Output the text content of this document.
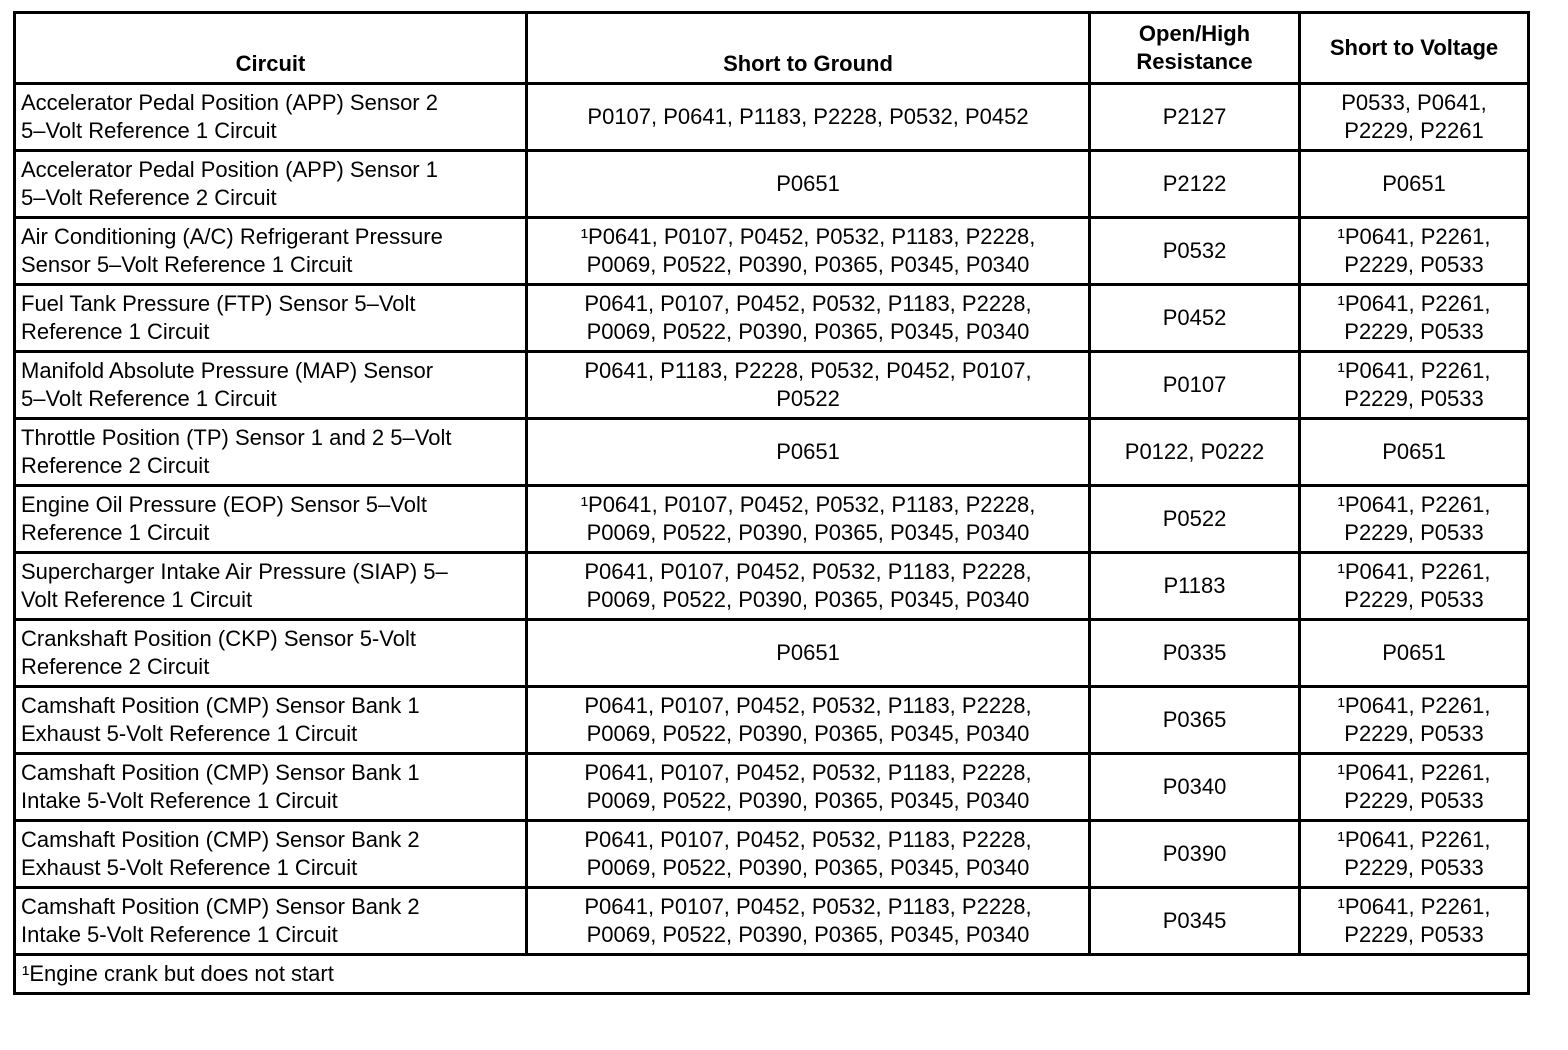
Circuit	Short to Ground	Open/High
Resistance	Short to Voltage
Accelerator Pedal Position (APP) Sensor 2
5–Volt Reference 1 Circuit	P0107, P0641, P1183, P2228, P0532, P0452	P2127	P0533, P0641,
P2229, P2261
Accelerator Pedal Position (APP) Sensor 1
5–Volt Reference 2 Circuit	P0651	P2122	P0651
Air Conditioning (A/C) Refrigerant Pressure
Sensor 5–Volt Reference 1 Circuit	¹P0641, P0107, P0452, P0532, P1183, P2228,
P0069, P0522, P0390, P0365, P0345, P0340	P0532	¹P0641, P2261,
P2229, P0533
Fuel Tank Pressure (FTP) Sensor 5–Volt
Reference 1 Circuit	P0641, P0107, P0452, P0532, P1183, P2228,
P0069, P0522, P0390, P0365, P0345, P0340	P0452	¹P0641, P2261,
P2229, P0533
Manifold Absolute Pressure (MAP) Sensor
5–Volt Reference 1 Circuit	P0641, P1183, P2228, P0532, P0452, P0107,
P0522	P0107	¹P0641, P2261,
P2229, P0533
Throttle Position (TP) Sensor 1 and 2 5–Volt
Reference 2 Circuit	P0651	P0122, P0222	P0651
Engine Oil Pressure (EOP) Sensor 5–Volt
Reference 1 Circuit	¹P0641, P0107, P0452, P0532, P1183, P2228,
P0069, P0522, P0390, P0365, P0345, P0340	P0522	¹P0641, P2261,
P2229, P0533
Supercharger Intake Air Pressure (SIAP) 5–
Volt Reference 1 Circuit	P0641, P0107, P0452, P0532, P1183, P2228,
P0069, P0522, P0390, P0365, P0345, P0340	P1183	¹P0641, P2261,
P2229, P0533
Crankshaft Position (CKP) Sensor 5-Volt
Reference 2 Circuit	P0651	P0335	P0651
Camshaft Position (CMP) Sensor Bank 1
Exhaust 5-Volt Reference 1 Circuit	P0641, P0107, P0452, P0532, P1183, P2228,
P0069, P0522, P0390, P0365, P0345, P0340	P0365	¹P0641, P2261,
P2229, P0533
Camshaft Position (CMP) Sensor Bank 1
Intake 5-Volt Reference 1 Circuit	P0641, P0107, P0452, P0532, P1183, P2228,
P0069, P0522, P0390, P0365, P0345, P0340	P0340	¹P0641, P2261,
P2229, P0533
Camshaft Position (CMP) Sensor Bank 2
Exhaust 5-Volt Reference 1 Circuit	P0641, P0107, P0452, P0532, P1183, P2228,
P0069, P0522, P0390, P0365, P0345, P0340	P0390	¹P0641, P2261,
P2229, P0533
Camshaft Position (CMP) Sensor Bank 2
Intake 5-Volt Reference 1 Circuit	P0641, P0107, P0452, P0532, P1183, P2228,
P0069, P0522, P0390, P0365, P0345, P0340	P0345	¹P0641, P2261,
P2229, P0533
¹Engine crank but does not start			
